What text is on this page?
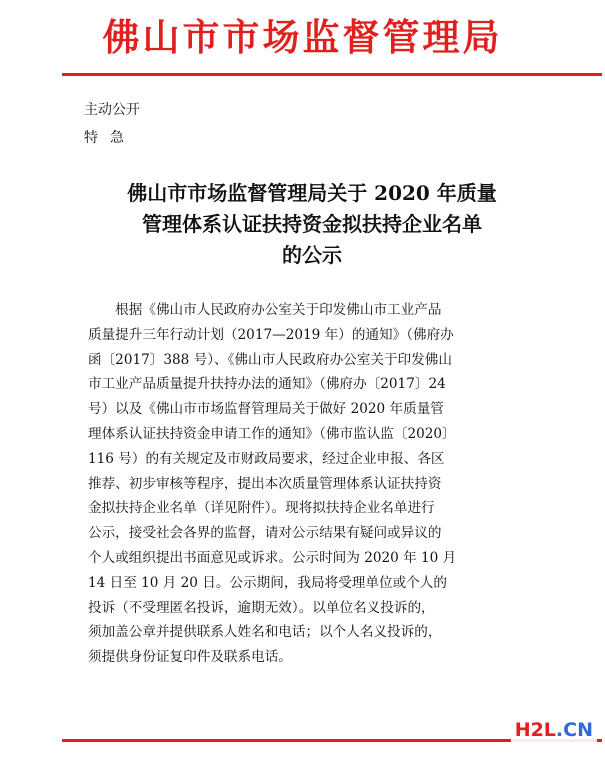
佛山市市场监督管理局
主动公开
特急
佛山市市场监督管理局关于 2020 年质量
管理体系认证扶持资金拟扶持企业名单
的公示
　　根据《佛山市人民政府办公室关于印发佛山市工业产品
质量提升三年行动计划（2017—2019 年）的通知》（佛府办
函〔2017〕388 号）、《佛山市人民政府办公室关于印发佛山
市工业产品质量提升扶持办法的通知》（佛府办〔2017〕24
号）以及《佛山市市场监督管理局关于做好 2020 年质量管
理体系认证扶持资金申请工作的通知》（佛市监认监〔2020〕
116 号）的有关规定及市财政局要求，经过企业申报、各区
推荐、初步审核等程序，提出本次质量管理体系认证扶持资
金拟扶持企业名单（详见附件）。现将拟扶持企业名单进行
公示，接受社会各界的监督，请对公示结果有疑问或异议的
个人或组织提出书面意见或诉求。公示时间为 2020 年 10 月
14 日至 10 月 20 日。公示期间，我局将受理单位或个人的
投诉（不受理匿名投诉，逾期无效）。以单位名义投诉的，
须加盖公章并提供联系人姓名和电话；以个人名义投诉的，
须提供身份证复印件及联系电话。
H2L.CN
